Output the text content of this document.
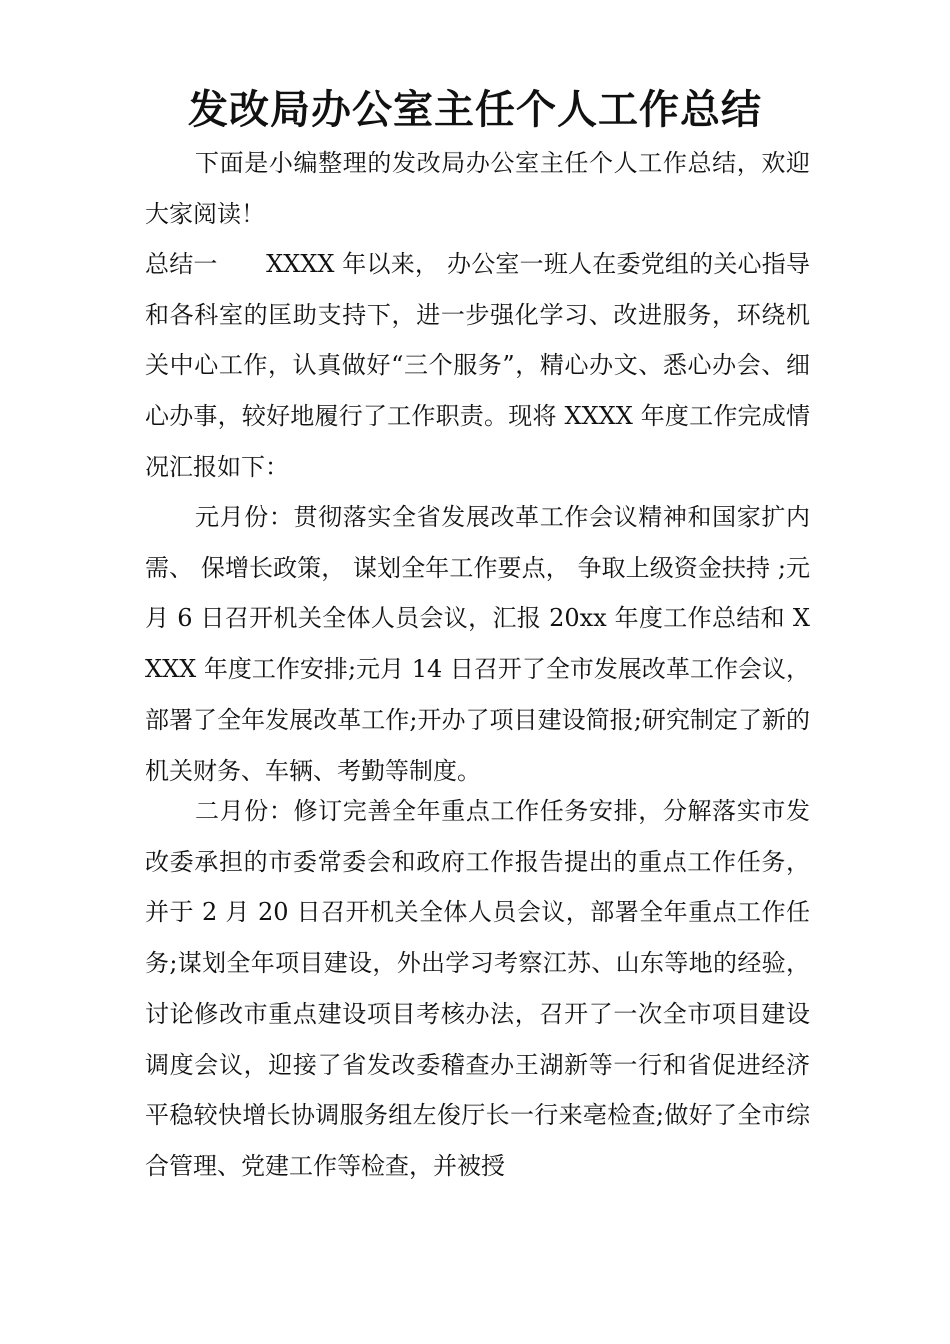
发改局办公室主任个人工作总结

下面是小编整理的发改局办公室主任个人工作总结，欢迎大家阅读！

总结一　　XXXX 年以来， 办公室一班人在委党组的关心指导和各科室的匡助支持下，进一步强化学习、改进服务，环绕机关中心工作，认真做好“三个服务”，精心办文、悉心办会、细心办事，较好地履行了工作职责。现将 XXXX 年度工作完成情况汇报如下：

元月份：贯彻落实全省发展改革工作会议精神和国家扩内需、 保增长政策， 谋划全年工作要点， 争取上级资金扶持 ;元月 6 日召开机关全体人员会议，汇报 20xx 年度工作总结和 XXXX 年度工作安排;元月 14 日召开了全市发展改革工作会议，部署了全年发展改革工作;开办了项目建设简报;研究制定了新的机关财务、车辆、考勤等制度。

二月份：修订完善全年重点工作任务安排，分解落实市发改委承担的市委常委会和政府工作报告提出的重点工作任务，并于 2 月 20 日召开机关全体人员会议，部署全年重点工作任务;谋划全年项目建设，外出学习考察江苏、山东等地的经验，讨论修改市重点建设项目考核办法，召开了一次全市项目建设调度会议，迎接了省发改委稽查办王湖新等一行和省促进经济平稳较快增长协调服务组左俊厅长一行来亳检查;做好了全市综合管理、党建工作等检查，并被授
